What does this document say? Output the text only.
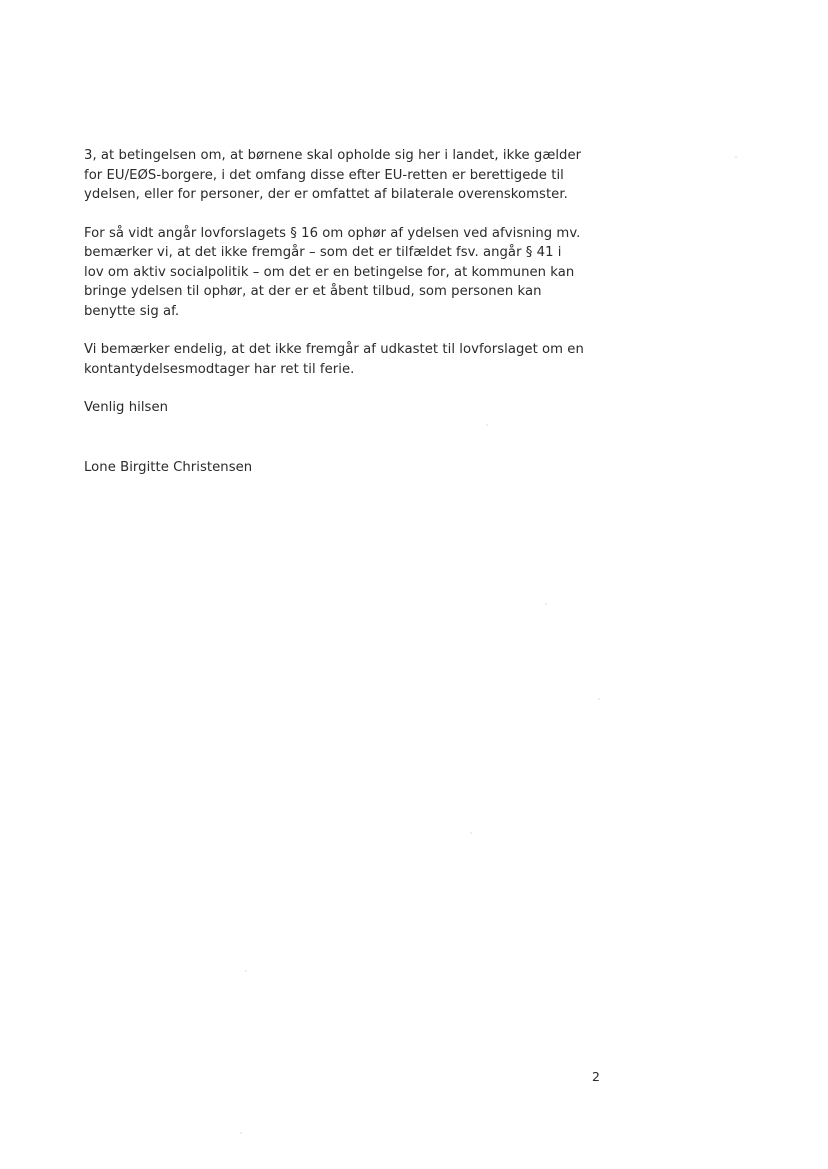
3, at betingelsen om, at børnene skal opholde sig her i landet, ikke gælder
for EU/EØS-borgere, i det omfang disse efter EU-retten er berettigede til
ydelsen, eller for personer, der er omfattet af bilaterale overenskomster.

For så vidt angår lovforslagets § 16 om ophør af ydelsen ved afvisning mv.
bemærker vi, at det ikke fremgår – som det er tilfældet fsv. angår § 41 i
lov om aktiv socialpolitik – om det er en betingelse for, at kommunen kan
bringe ydelsen til ophør, at der er et åbent tilbud, som personen kan
benytte sig af.

Vi bemærker endelig, at det ikke fremgår af udkastet til lovforslaget om en
kontantydelsesmodtager har ret til ferie.

Venlig hilsen

Lone Birgitte Christensen

2
